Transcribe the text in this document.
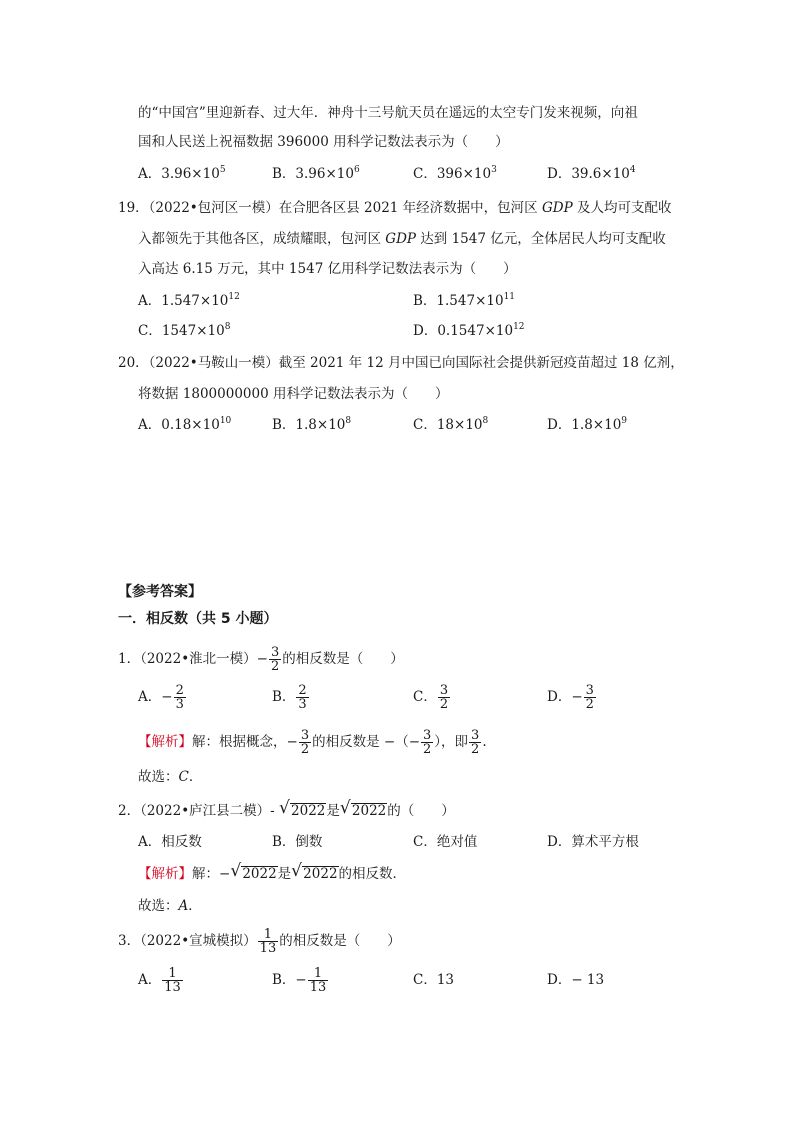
的“中国宫”里迎新春、过大年．神舟十三号航天员在遥远的太空专门发来视频，向祖
国和人民送上祝福数据 396000 用科学记数法表示为（　　）
A．$3.96\times 10^5$	B．$3.96\times 10^6$	C．$396\times 10^3$	D．$39.6\times 10^4$
19．（2022•包河区一模）在合肥各区县 2021 年经济数据中，包河区 GDP 及人均可支配收
入都领先于其他各区，成绩耀眼，包河区 GDP 达到 1547 亿元，全体居民人均可支配收
入高达 6.15 万元，其中 1547 亿用科学记数法表示为（　　）
A．$1.547\times 10^{12}$	B．$1.547\times 10^{11}$
C．$1547\times 10^8$	D．$0.1547\times 10^{12}$
20．（2022•马鞍山一模）截至 2021 年 12 月中国已向国际社会提供新冠疫苗超过 18 亿剂，
将数据 1800000000 用科学记数法表示为（　　）
A．$0.18\times 10^{10}$	B．$1.8\times 10^8$	C．$18\times 10^8$	D．$1.8\times 10^9$
【参考答案】
一．相反数（共 5 小题）
1．（2022•淮北一模）− $\frac{3}{2}$ 的相反数是（　　）
A．− $\frac{2}{3}$	B． $\frac{2}{3}$	C． $\frac{3}{2}$	D．− $\frac{3}{2}$
【解析】解：根据概念，− $\frac{3}{2}$ 的相反数是 −（− $\frac{3}{2}$ ），即 $\frac{3}{2}$ .
故选：C．
2．（2022•庐江县二模）- √ 2022是 √ 2022的（　　）
A．相反数	B．倒数	C．绝对值	D．算术平方根
【解析】解：− √ 2022是 √ 2022的相反数．
故选：A．
3．（2022•宣城模拟） $\frac{1}{13}$ 的相反数是（　　）
A． $\frac{1}{13}$	B．− $\frac{1}{13}$	C．13	D．− 13
